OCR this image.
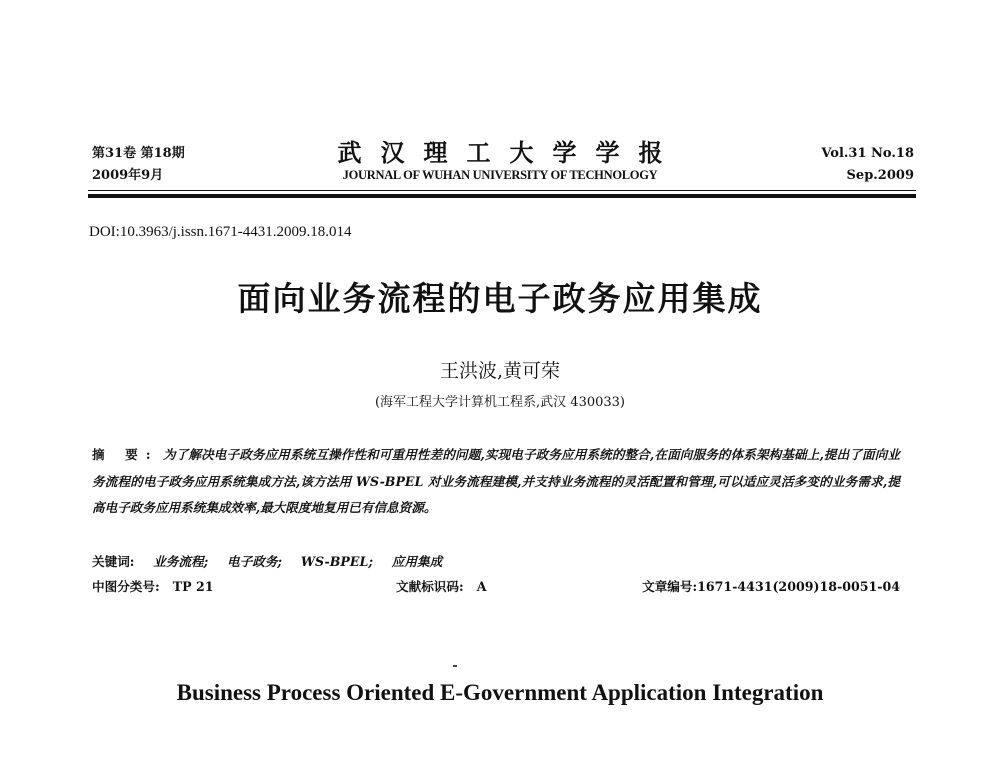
第31卷 第18期
2009年9月
武汉理工大学学报
JOURNAL OF WUHAN UNIVERSITY OF TECHNOLOGY
Vol.31 No.18
Sep.2009
DOI:10.3963/j.issn.1671-4431.2009.18.014
面向业务流程的电子政务应用集成
王洪波,黄可荣
(海军工程大学计算机工程系,武汉 430033)
摘 要: 为了解决电子政务应用系统互操作性和可重用性差的问题,实现电子政务应用系统的整合,在面向服务的体系架构基础上,提出了面向业务流程的电子政务应用系统集成方法,该方法用 WS-BPEL 对业务流程建模,并支持业务流程的灵活配置和管理,可以适应灵活多变的业务需求,提高电子政务应用系统集成效率,最大限度地复用已有信息资源。
关键词: 业务流程; 电子政务; WS-BPEL; 应用集成
中图分类号: TP 21	文献标识码: A	文章编号:1671-4431(2009)18-0051-04
Business Process Oriented E-Government Application Integration
